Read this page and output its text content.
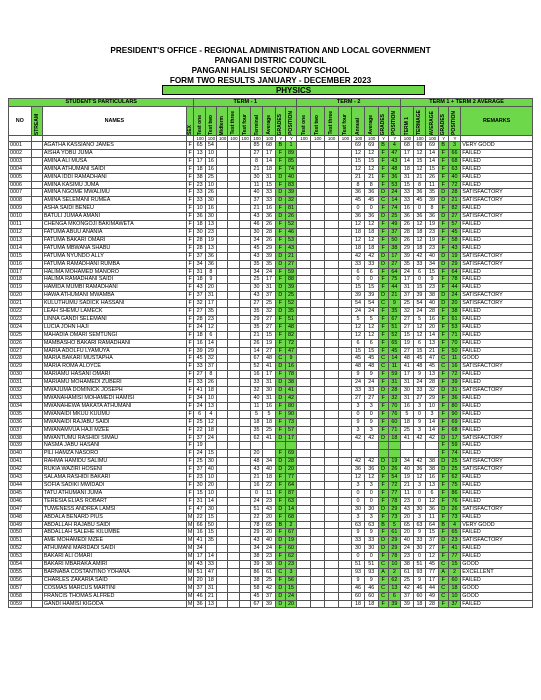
PRESIDENT'S OFFICE - REGIONAL ADMINISTRATION AND LOCAL GOVERNMENT
PANGANI DISTRIC COUNCIL
PANGANI HALISI SECONDARY SCHOOL
FORM TWO RESULTS JANUARY - DECEMBER 2023
PHYSICS
STUDENT'S PARTICULARS				TERM - 1									TERM - 2								TERM 1 + TERM 2 AVERAGE					
NO	STREAM	NAMES	SEX	Test one	Test two	Midterm	Test three	Test four	Terminal	Average	GRADES	POSITION	Test one	Test two	Test three	Test four	Annual	Average	GRADES	POSITION	TERM 1	TERMAGE	AVERAGE	GRADES	POSITION	REMARKS
				100	100	100	100	100	100	100	Y	Y	100	100	100	100	100	100	Y	Y	100	100	100	Y	Y	
0001		AGATHA KASSIANO JAMES	F	65	54				85	68	B	1					69	69	B	4	68	69	69	B	3	VERY GOOD
0002		AISHA YOBU JUMA	F	13	10				27	17	F	89					12	12	F	47	17	12	14	F	66	FAILED
0003		AMINA ALI MUSA	F	17	16				8	14	F	85					15	15	F	43	14	15	14	F	68	FAILED
0004		AMINA ATHUMANI SAIDI	F	18	16				21	18	F	74					12	12	F	48	18	12	15	F	63	FAILED
0005		AMINA IDDI RAMADHANI	F	38	25				30	31	D	40					21	21	F	36	31	21	26	F	40	FAILED
0006		AMINA KASIMU JUMA	F	23	10				11	15	F	83					8	8	F	53	15	8	11	F	72	FAILED
0007		AMINA NGOME MWALIMU	F	33	26				40	33	D	39					36	36	D	24	33	36	35	D	28	SATISFACTORY
0008		AMINA SELEMANI RUMEA	F	33	30				37	33	D	32					45	45	C	14	33	45	39	D	21	SATISFACTORY
0009		ASHA SAIDI BENEU	F	10	16				21	16	F	81					0	0	F	74	16	0	8	F	82	FAILED
0010		BATULI JUMAA AMANI	F	36	30				43	36	D	26					36	36	D	25	36	36	36	D	27	SATISFACTORY
0011		CHENGA MKONGOJI BAKIMAWETA	F	18	13				46	26	F	52					12	12	F	49	26	12	19	F	57	FAILED
0012		FATUMA ABUU ANANIA	F	30	23				30	28	F	46					18	18	F	37	28	18	23	F	45	FAILED
0013		FATUMA BAKARI OMARI	F	28	19				34	26	F	53					12	12	F	50	26	12	19	F	58	FAILED
0014		FATUMA MBWANA SHABU	F	28	13				45	29	F	43					18	18	F	38	29	18	23	F	43	FAILED
0015		FATUMA NYUNDO ALLY	F	37	36				43	39	D	21					42	42	D	17	39	42	40	D	19	SATISFACTORY
0016		FATUMA RAMADHANI RUMBA	F	34	36				35	35	D	27					33	33	D	27	35	33	34	D	29	SATISFACTORY
0017		HALIMA MOHAMED MANORO	F	31	8				34	24	F	59					6	6	F	64	24	6	15	F	64	FAILED
0018		HALIMA RAMADHANI SAIDI	F	18	9				25	17	F	88					0	0	F	75	17	0	9	F	78	FAILED
0019		HAMIDA MUMBI RAMADHANI	F	43	20				30	31	D	39					15	15	F	44	31	15	23	F	44	FAILED
0020		HAWA ATHUMANI MWAMBA	F	37	31				43	37	D	25					39	39	D	21	37	39	38	D	24	SATISFACTORY
0021		KULUTHUMU SADICK HASSANI	F	32	17				27	25	F	52					54	54	C	9	25	54	40	D	20	SATISFACTORY
0022		LEAH SHEMU LAMECK	F	27	35				35	32	D	35					24	24	F	35	32	24	28	F	38	FAILED
0023		LINNA GANDI SELEMANI	F	28	23				29	27	F	51					5	5	F	67	27	5	16	F	61	FAILED
0024		LUCIA JOHN HAJI	F	24	12				35	27	F	48					12	12	F	51	27	12	20	F	53	FAILED
0025		MAHADIA OMARI SEMTUNGI	F	18	6				21	15	F	82					12	12	F	52	15	12	14	F	71	FAILED
0026		MAMBASHO BAKARI RAMADHANI	F	16	14				26	19	F	72					6	6	F	65	19	6	13	F	70	FAILED
0027		MARIA ADOLFU LYAMUYA	F	39	29				14	27	F	47					15	15	F	45	27	15	21	F	50	FAILED
0028		MARIA BAKARI MUSTAPHA	F	45	32				67	48	C	9					45	45	C	14	48	45	47	C	11	GOOD
0029		MARIA ROMA ALOYCE	F	33	37				52	41	D	16					48	48	C	11	41	48	45	C	16	SATISFACTORY
0030		MARIAMU HASANI OMARI	F	27	8				16	17	F	78					9	9	F	59	17	9	13	F	72	FAILED
0031		MARIAMU MOHAMEDI ZUBERI	F	33	26				33	31	D	38					24	24	F	31	31	24	28	F	39	FAILED
0032		MWAJUMA DOMINICK JOSEPH	F	41	18				32	30	D	41					33	33	D	28	30	33	32	D	31	SATISFACTORY
0033		MWANAHAMISI MOHAMEDI HAMISI	F	34	10				40	31	D	42					27	27	F	32	31	27	29	F	36	FAILED
0034		MWANAHEWA MAKATA ATHUMANI	F	24	13				11	16	F	80					3	3	F	70	16	3	10	F	80	FAILED
0035		MWANAIDI MKUU KUUMU	F	6	4				5	5	F	90					0	0	F	76	5	0	3	F	90	FAILED
0036		MWANAIDI RAJABU SAIDI	F	25	12				18	18	F	73					9	9	F	60	18	9	14	F	69	FAILED
0037		MWANAMVUA HAJI MZEE	F	22	18				35	25	F	57					3	3	F	71	25	3	14	F	68	FAILED
0038		MWANTUMU RASHIDI SIMAU	F	37	24				62	41	D	17					42	42	D	18	41	42	42	D	17	SATISFACTORY
0039		NASMA JABU HASANI	F	19																				F	59	FAILED
0040		PILI HAMZA NASORO	F	24	15				20		F	69												F	74	FAILED
0041		RAHMA HAMIDU SALIMU	F	25	30				48	34	D	28					42	42	D	19	34	42	38	D	25	SATISFACTORY
0042		RUKIA WAZIRI HOSENI	F	37	40				43	40	D	20					36	36	D	26	40	36	38	D	25	SATISFACTORY
0043		SALAMA RASHIDI BAKARI	F	23	10				21	18	F	77					12	12	F	54	19	12	16	F	62	FAILED
0044		SOFIA SADIKI MWIDADI	F	30	20				16	22	F	64					3	3	F	72	21	3	13	F	75	FAILED
0045		TATU ATHUMANI JUMA	F	15	10				0	11	F	87					0	0	F	77	11	0	6	F	86	FAILED
0046		TERESIA ELIAS ROBART	F	31	14				24	23	F	63					0	0	F	78	23	0	12	F	76	FAILED
0047		TUWENESS ANDREA LAMSI	F	47	30				51	43	D	14					30	30	D	29	43	30	36	D	26	SATISFACTORY
0048		ABDALA BENARD PIUS	M	22	15				22	20	F	68					3	3	F	73	20	3	11	F	73	FAILED
0049		ABDALLAH RAJABU SAIDI	M	66	50				78	65	B	2					63	63	B	5	65	63	64	B	4	VERY GOOD
0050		ABDALLAH SALEHE KILUMBE	M	16	15				29	20	F	67					9	9	F	61	20	9	15	F	65	FAILED
0051		AME MOHAMEDI MZEE	M	41	35				43	40	D	19					33	33	D	29	40	33	37	D	23	SATISFACTORY
0052		ATHUMANI MARIDADI SAIDI	M	34					34	24	F	60					30	30	D	29	24	30	27	F	41	FAILED
0053		BAKARI ALI OMARI	M	17	14				38	23	F	62					0	0	F	78	23	0	12	F	77	FAILED
0054		BAKARI MBARAKA AMIRI	M	43	33				39	38	D	23					51	51	C	10	38	51	45	C	15	GOOD
0055		BARNABA COSTANTINO YOHANA	M	51	47				86	61	C	3					93	93	A	2	61	93	77	A	2	EXCELLENT
0056		CHARLES ZAKARIA SAID	M	20	18				38	25	F	56					9	9	F	62	25	9	17	F	60	FAILED
0057		COSMAS MARCUS MARTINI	M	37	31				58	42	D	15					46	46	C	13	42	46	44	C	18	GOOD
0058		FRANCIS THOMAS ALFRED	M	46	21				45	37	D	24					60	60	C	6	37	60	49	C	10	GOOD
0059		GANDI HAMISI KIGODA	M	36	13				67	39	D	20					18	18	F	39	39	18	28	F	37	FAILED
